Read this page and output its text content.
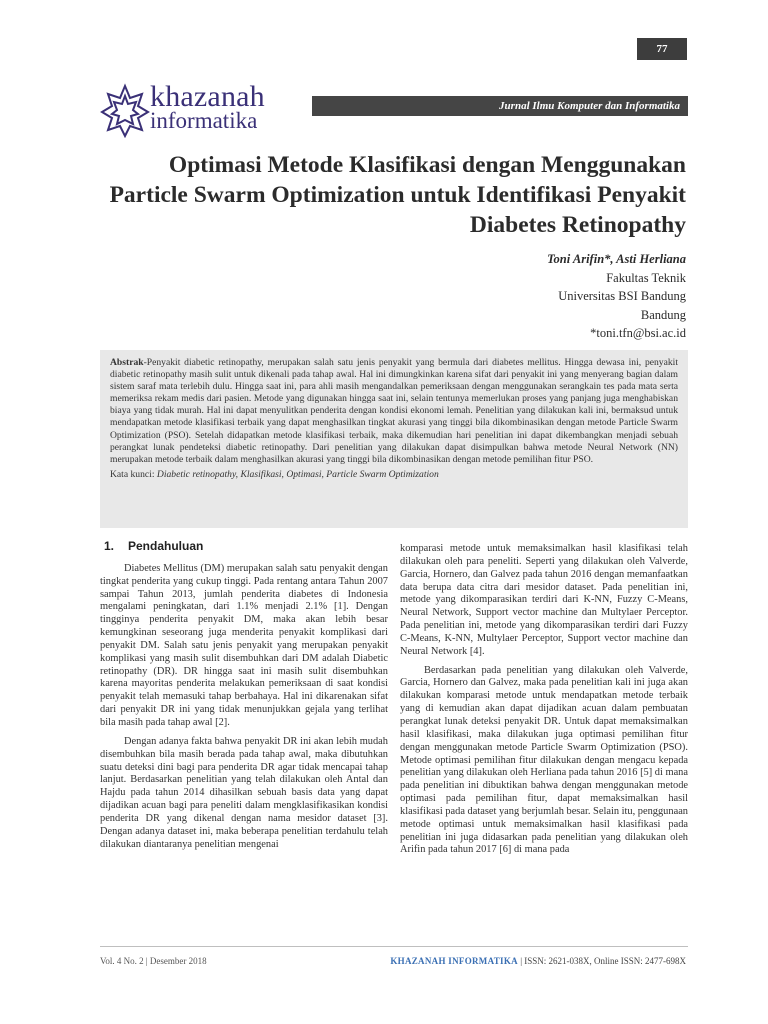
77
khazanah
informatika
Jurnal Ilmu Komputer dan Informatika
Optimasi Metode Klasifikasi dengan Menggunakan Particle Swarm Optimization untuk Identifikasi Penyakit Diabetes Retinopathy
Toni Arifin*, Asti Herliana
Fakultas Teknik
Universitas BSI Bandung
Bandung
*toni.tfn@bsi.ac.id
Abstrak-Penyakit diabetic retinopathy, merupakan salah satu jenis penyakit yang bermula dari diabetes mellitus. Hingga dewasa ini, penyakit diabetic retinopathy masih sulit untuk dikenali pada tahap awal. Hal ini dimungkinkan karena sifat dari penyakit ini yang menyerang bagian dalam sistem saraf mata terlebih dulu. Hingga saat ini, para ahli masih mengandalkan pemeriksaan dengan menggunakan serangkain tes pada mata serta memeriksa rekam medis dari pasien. Metode yang digunakan hingga saat ini, selain tentunya memerlukan proses yang panjang juga menghabiskan biaya yang tidak murah. Hal ini dapat menyulitkan penderita dengan kondisi ekonomi lemah. Penelitian yang dilakukan kali ini, bermaksud untuk mendapatkan metode klasifikasi terbaik yang dapat menghasilkan tingkat akurasi yang tinggi bila dikombinasikan dengan metode Particle Swarm Optimization (PSO). Setelah didapatkan metode klasifikasi terbaik, maka dikemudian hari penelitian ini dapat dikembangkan menjadi sebuah perangkat lunak pendeteksi diabetic retinopathy. Dari penelitian yang dilakukan dapat disimpulkan bahwa metode Neural Network (NN) merupakan metode terbaik dalam menghasilkan akurasi yang tinggi bila dikombinasikan dengan metode pemilihan fitur PSO.
Kata kunci: Diabetic retinopathy, Klasifikasi, Optimasi, Particle Swarm Optimization
1. Pendahuluan

Diabetes Mellitus (DM) merupakan salah satu penyakit dengan tingkat penderita yang cukup tinggi. Pada rentang antara Tahun 2007 sampai Tahun 2013, jumlah penderita diabetes di Indonesia mengalami peningkatan, dari 1.1% menjadi 2.1% [1]. Dengan tingginya penderita penyakit DM, maka akan lebih besar kemungkinan seseorang juga menderita penyakit komplikasi dari penyakit DM. Salah satu jenis penyakit yang merupakan penyakit komplikasi yang masih sulit disembuhkan dari DM adalah Diabetic retinopathy (DR). DR hingga saat ini masih sulit disembuhkan karena mayoritas penderita melakukan pemeriksaan di saat kondisi penyakit telah memasuki tahap berbahaya. Hal ini dikarenakan sifat dari penyakit DR ini yang tidak menunjukkan gejala yang terlihat bila masih pada tahap awal [2].

Dengan adanya fakta bahwa penyakit DR ini akan lebih mudah disembuhkan bila masih berada pada tahap awal, maka dibutuhkan suatu deteksi dini bagi para penderita DR agar tidak mencapai tahap lanjut. Berdasarkan penelitian yang telah dilakukan oleh Antal dan Hajdu pada tahun 2014 dihasilkan sebuah basis data yang dapat dijadikan acuan bagi para peneliti dalam mengklasifikasikan kondisi penderita DR yang dikenal dengan nama mesidor dataset [3]. Dengan adanya dataset ini, maka beberapa penelitian terdahulu telah dilakukan diantaranya penelitian mengenai

komparasi metode untuk memaksimalkan hasil klasifikasi telah dilakukan oleh para peneliti. Seperti yang dilakukan oleh Valverde, Garcia, Hornero, dan Galvez pada tahun 2016 dengan memanfaatkan data berupa data citra dari mesidor dataset. Pada penelitian ini, metode yang dikomparasikan terdiri dari K-NN, Fuzzy C-Means, Neural Network, Support vector machine dan Multylaer Perceptor. Pada penelitian ini, metode yang dikomparasikan terdiri dari Fuzzy C-Means, K-NN, Multylaer Perceptor, Support vector machine dan Neural Network [4].

Berdasarkan pada penelitian yang dilakukan oleh Valverde, Garcia, Hornero dan Galvez, maka pada penelitian kali ini juga akan dilakukan komparasi metode untuk mendapatkan metode terbaik yang di kemudian akan dapat dijadikan acuan dalam pembuatan perangkat lunak deteksi penyakit DR. Untuk dapat memaksimalkan hasil klasifikasi, maka dilakukan juga optimasi pemilihan fitur dengan menggunakan metode Particle Swarm Optimization (PSO). Metode optimasi pemilihan fitur dilakukan dengan mengacu kepada penelitian yang dilakukan oleh Herliana pada tahun 2016 [5] di mana pada penelitian ini dibuktikan bahwa dengan menggunakan metode optimasi pada pemilihan fitur, dapat memaksimalkan hasil klasifikasi pada dataset yang berjumlah besar. Selain itu, penggunaan metode optimasi untuk memaksimalkan hasil klasifikasi pada penelitian ini juga didasarkan pada penelitian yang dilakukan oleh Arifin pada tahun 2017 [6] di mana pada

Vol. 4 No. 2 | Desember 2018	KHAZANAH INFORMATIKA | ISSN: 2621-038X, Online ISSN: 2477-698X
